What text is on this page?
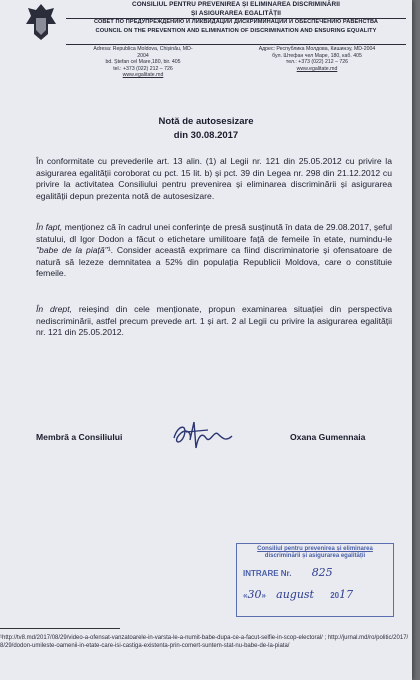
CONSILIUL PENTRU PREVENIREA ȘI ELIMINAREA DISCRIMINĂRII
ȘI ASIGURAREA EGALITĂȚII
СОВЕТ ПО ПРЕДУПРЕЖДЕНИЮ И ЛИКВИДАЦИИ ДИСКРИМИНАЦИИ И ОБЕСПЕЧЕНИЮ РАВЕНСТВА
COUNCIL ON THE PREVENTION AND ELIMINATION OF DISCRIMINATION AND ENSURING EQUALITY
Adresa: Republica Moldova, Chișinău, MD-2004
bd. Ștefan cel Mare,180, bir. 405
tel.: +373 (022) 212 – 726
www.egalitate.md
Адрес: Республика Молдова, Кишинэу, MD-2004
бул. Штефан чел Маре, 180, каб. 405
тел.: +373 (022) 212 – 726
www.egalitate.md
Notă de autosesizare
din 30.08.2017
În conformitate cu prevederile art. 13 alin. (1) al Legii nr. 121 din 25.05.2012 cu privire la asigurarea egalității coroborat cu pct. 15 lit. b) și pct. 39 din Legea nr. 298 din 21.12.2012 cu privire la activitatea Consiliului pentru prevenirea și eliminarea discriminării și asigurarea egalității depun prezenta notă de autosesizare.
În fapt, menționez că în cadrul unei conferințe de presă susținută în data de 29.08.2017, șeful statului, dl Igor Dodon a făcut o etichetare umilitoare față de femeile în etate, numindu-le "babe de la piață"¹. Consider această exprimare ca fiind discriminatorie și ofensatoare de natură să lezeze demnitatea a 52% din populația Republicii Moldova, care o constituie femeile.
În drept, reieșind din cele menționate, propun examinarea situației din perspectiva nediscriminării, astfel precum prevede art. 1 și art. 2 al Legii cu privire la asigurarea egalității nr. 121 din 25.05.2012.
Membră a Consiliului	Oxana Gumennaia
Consiliul pentru prevenirea și eliminarea
discriminării și asigurarea egalității
INTRARE Nr. 825
«30» august 2017
¹http://tv8.md/2017/08/29/video-a-ofensat-vanzatoarele-in-varsta-le-a-numit-babe-dupa-ce-a-facut-selfie-in-scop-electoral/ ; http://jurnal.md/ro/politic/2017/8/29/dodon-umileste-oamenii-in-etate-care-isi-castiga-existenta-prin-comert-suntem-stat-nu-babe-de-la-piata/
